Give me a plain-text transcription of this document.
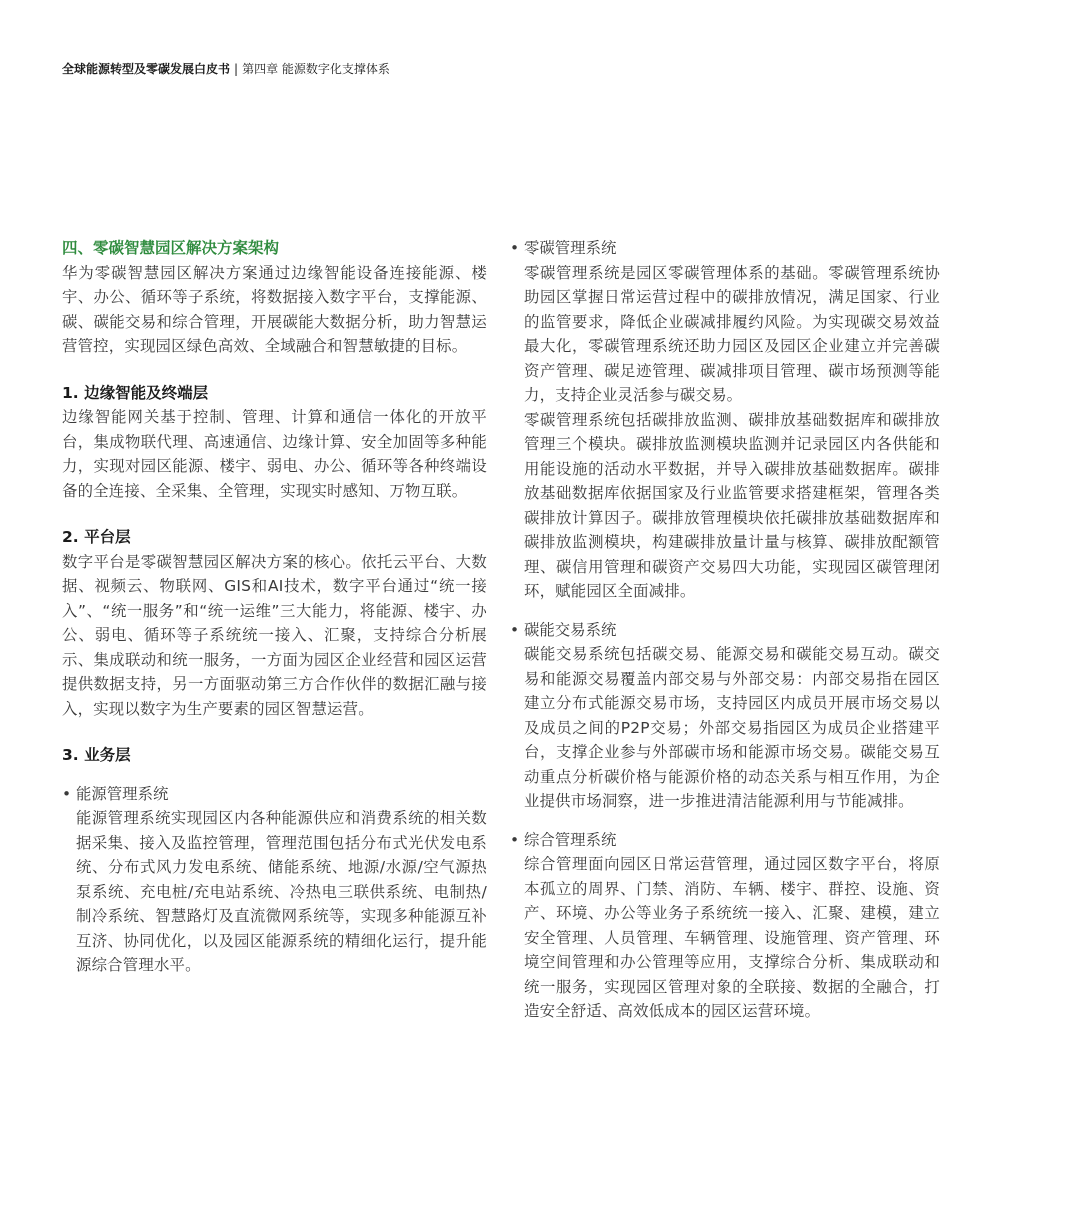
全球能源转型及零碳发展白皮书 | 第四章 能源数字化支撑体系
四、零碳智慧园区解决方案架构
华为零碳智慧园区解决方案通过边缘智能设备连接能源、楼宇、办公、循环等子系统，将数据接入数字平台，支撑能源、碳、碳能交易和综合管理，开展碳能大数据分析，助力智慧运营管控，实现园区绿色高效、全域融合和智慧敏捷的目标。
1. 边缘智能及终端层
边缘智能网关基于控制、管理、计算和通信一体化的开放平台，集成物联代理、高速通信、边缘计算、安全加固等多种能力，实现对园区能源、楼宇、弱电、办公、循环等各种终端设备的全连接、全采集、全管理，实现实时感知、万物互联。
2. 平台层
数字平台是零碳智慧园区解决方案的核心。依托云平台、大数据、视频云、物联网、GIS和AI技术，数字平台通过“统一接入”、“统一服务”和“统一运维”三大能力，将能源、楼宇、办公、弱电、循环等子系统统一接入、汇聚，支持综合分析展示、集成联动和统一服务，一方面为园区企业经营和园区运营提供数据支持，另一方面驱动第三方合作伙伴的数据汇融与接入，实现以数字为生产要素的园区智慧运营。
3. 业务层
• 能源管理系统
能源管理系统实现园区内各种能源供应和消费系统的相关数据采集、接入及监控管理，管理范围包括分布式光伏发电系统、分布式风力发电系统、储能系统、地源/水源/空气源热泵系统、充电桩/充电站系统、冷热电三联供系统、电制热/制冷系统、智慧路灯及直流微网系统等，实现多种能源互补互济、协同优化，以及园区能源系统的精细化运行，提升能源综合管理水平。
• 零碳管理系统
零碳管理系统是园区零碳管理体系的基础。零碳管理系统协助园区掌握日常运营过程中的碳排放情况，满足国家、行业的监管要求，降低企业碳减排履约风险。为实现碳交易效益最大化，零碳管理系统还助力园区及园区企业建立并完善碳资产管理、碳足迹管理、碳减排项目管理、碳市场预测等能力，支持企业灵活参与碳交易。
零碳管理系统包括碳排放监测、碳排放基础数据库和碳排放管理三个模块。碳排放监测模块监测并记录园区内各供能和用能设施的活动水平数据，并导入碳排放基础数据库。碳排放基础数据库依据国家及行业监管要求搭建框架，管理各类碳排放计算因子。碳排放管理模块依托碳排放基础数据库和碳排放监测模块，构建碳排放量计量与核算、碳排放配额管理、碳信用管理和碳资产交易四大功能，实现园区碳管理闭环，赋能园区全面减排。
• 碳能交易系统
碳能交易系统包括碳交易、能源交易和碳能交易互动。碳交易和能源交易覆盖内部交易与外部交易：内部交易指在园区建立分布式能源交易市场，支持园区内成员开展市场交易以及成员之间的P2P交易；外部交易指园区为成员企业搭建平台，支撑企业参与外部碳市场和能源市场交易。碳能交易互动重点分析碳价格与能源价格的动态关系与相互作用，为企业提供市场洞察，进一步推进清洁能源利用与节能减排。
• 综合管理系统
综合管理面向园区日常运营管理，通过园区数字平台，将原本孤立的周界、门禁、消防、车辆、楼宇、群控、设施、资产、环境、办公等业务子系统统一接入、汇聚、建模，建立安全管理、人员管理、车辆管理、设施管理、资产管理、环境空间管理和办公管理等应用，支撑综合分析、集成联动和统一服务，实现园区管理对象的全联接、数据的全融合，打造安全舒适、高效低成本的园区运营环境。
